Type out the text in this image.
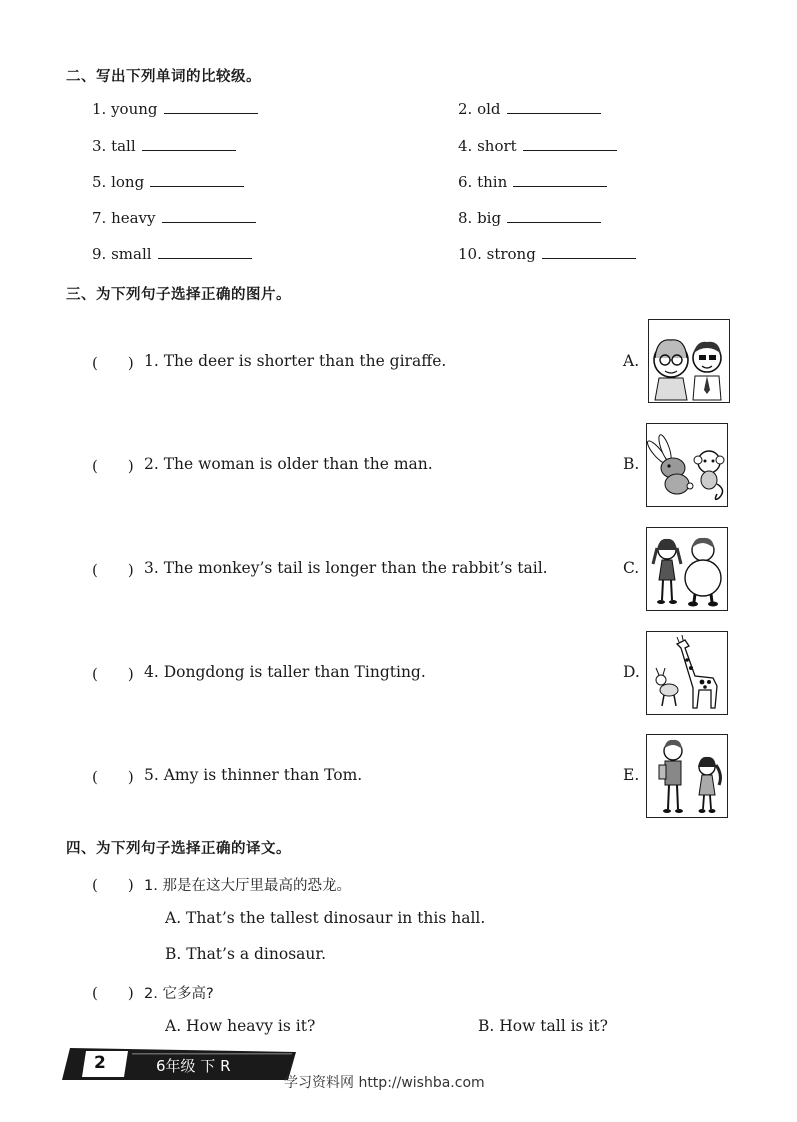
二、写出下列单词的比较级。
1. young	2. old
3. tall	4. short
5. long	6. thin
7. heavy	8. big
9. small	10. strong
三、为下列句子选择正确的图片。
(　　) 1. The deer is shorter than the giraffe.	A.
(　　) 2. The woman is older than the man.	B.
(　　) 3. The monkey’s tail is longer than the rabbit’s tail.	C.
(　　) 4. Dongdong is taller than Tingting.	D.
(　　) 5. Amy is thinner than Tom.	E.
四、为下列句子选择正确的译文。
(　　) 1. 那是在这大厅里最高的恐龙。
A. That’s the tallest dinosaur in this hall.
B. That’s a dinosaur.
(　　) 2. 它多高?
A. How heavy is it?	B. How tall is it?
2	6年级 下 R
学习资料网 http://wishba.com
